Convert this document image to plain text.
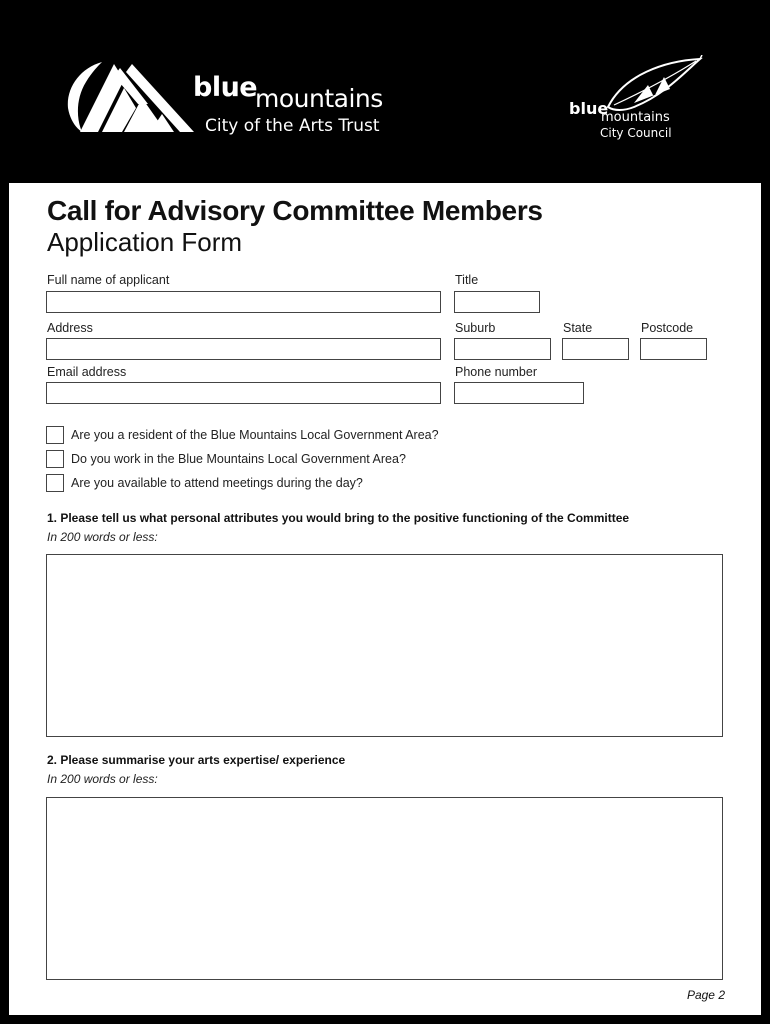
blue
mountains
City of the Arts Trust
blue
mountains
City Council
Call for Advisory Committee Members
Application Form
Full name of applicant	Title
Address	Suburb	State	Postcode
Email address	Phone number
Are you a resident of the Blue Mountains Local Government Area?
Do you work in the Blue Mountains Local Government Area?
Are you available to attend meetings during the day?
1. Please tell us what personal attributes you would bring to the positive functioning of the Committee
In 200 words or less:
2. Please summarise your arts expertise/ experience
In 200 words or less:
Page 2
